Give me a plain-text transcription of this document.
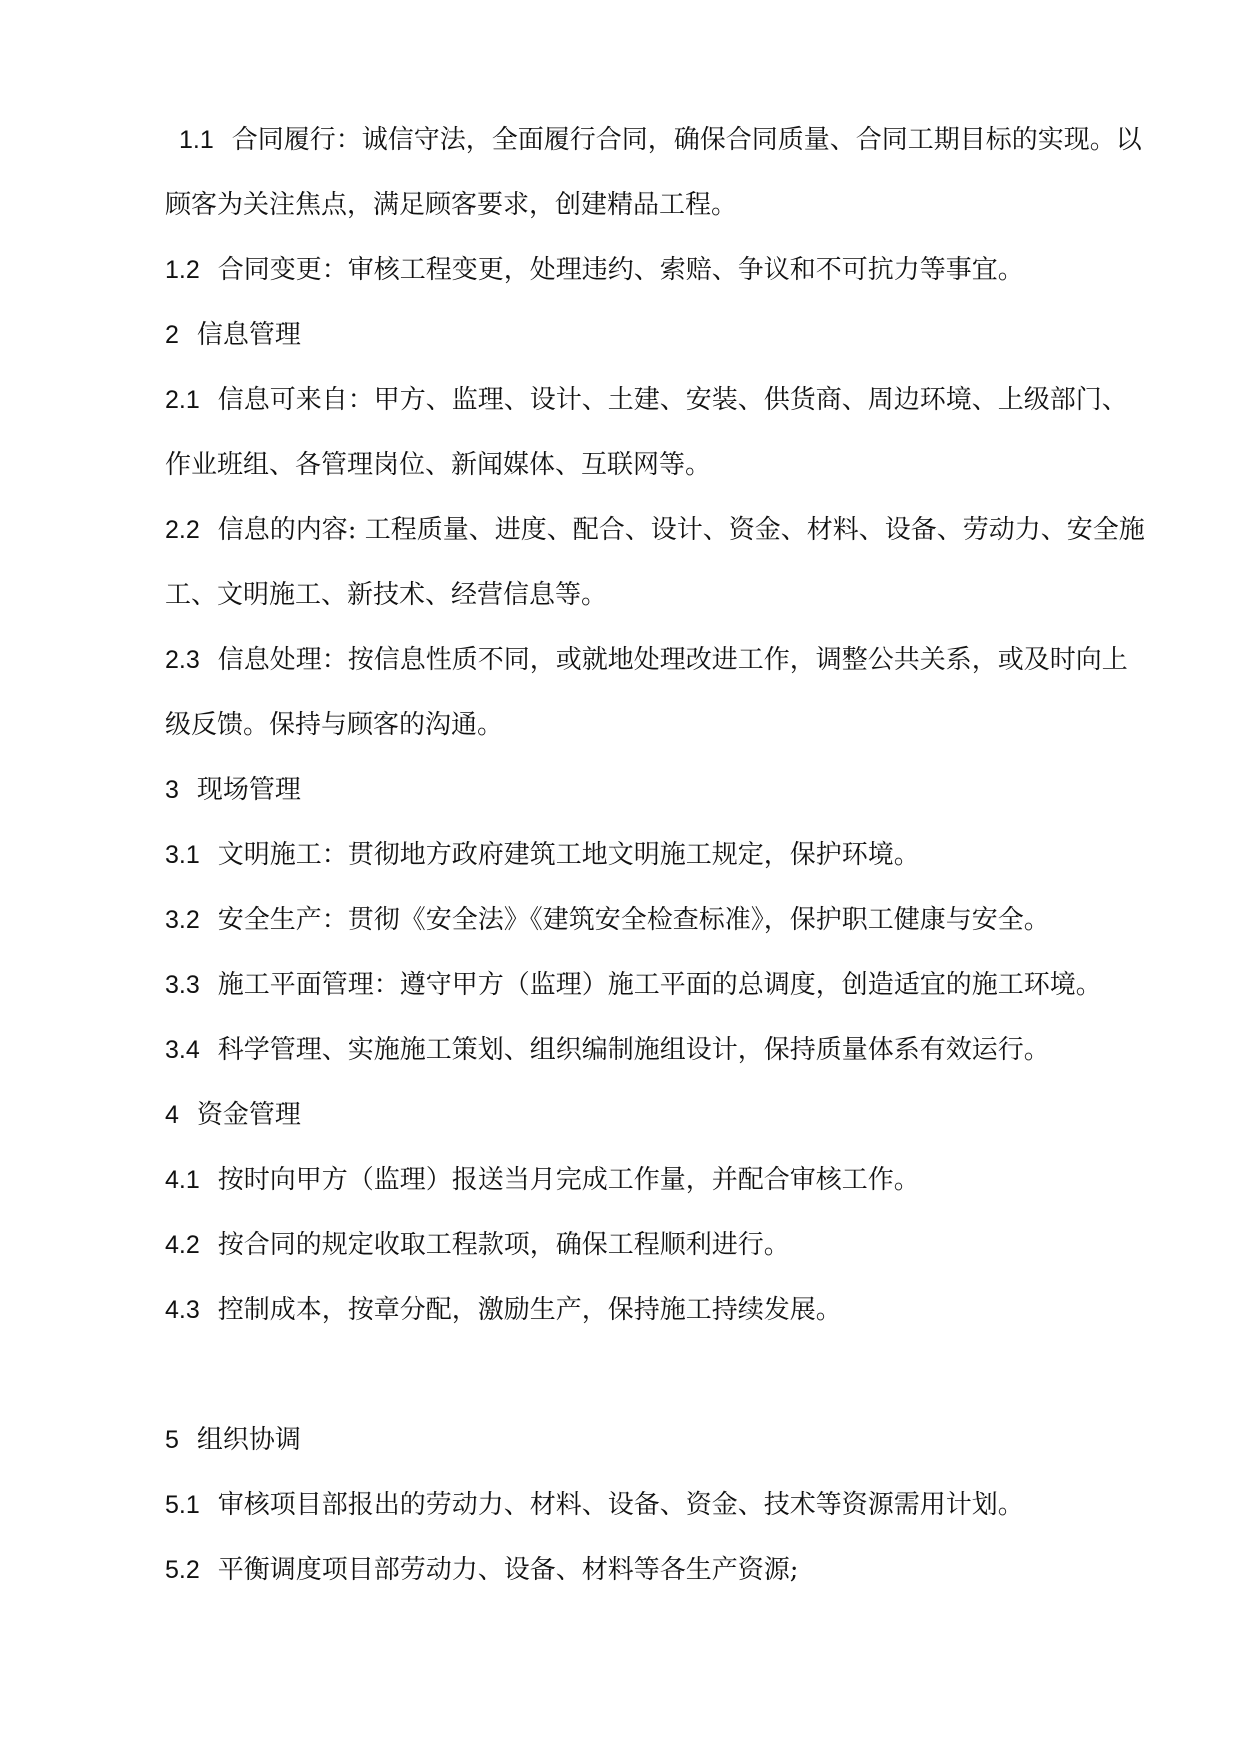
1.1 合同履行：诚信守法，全面履行合同，确保合同质量、合同工期目标的实现。以顾客为关注焦点，满足顾客要求，创建精品工程。

1.2 合同变更：审核工程变更，处理违约、索赔、争议和不可抗力等事宜。

2 信息管理

2.1 信息可来自：甲方、监理、设计、土建、安装、供货商、周边环境、上级部门、作业班组、各管理岗位、新闻媒体、互联网等。

2.2 信息的内容: 工程质量、进度、配合、设计、资金、材料、设备、劳动力、安全施工、文明施工、新技术、经营信息等。

2.3 信息处理：按信息性质不同，或就地处理改进工作，调整公共关系，或及时向上级反馈。保持与顾客的沟通。

3 现场管理

3.1 文明施工：贯彻地方政府建筑工地文明施工规定，保护环境。

3.2 安全生产：贯彻《安全法》《建筑安全检查标准》，保护职工健康与安全。

3.3 施工平面管理：遵守甲方（监理）施工平面的总调度，创造适宜的施工环境。

3.4 科学管理、实施施工策划、组织编制施组设计，保持质量体系有效运行。

4 资金管理

4.1 按时向甲方（监理）报送当月完成工作量，并配合审核工作。

4.2 按合同的规定收取工程款项，确保工程顺利进行。

4.3 控制成本，按章分配，激励生产，保持施工持续发展。

5 组织协调

5.1 审核项目部报出的劳动力、材料、设备、资金、技术等资源需用计划。

5.2 平衡调度项目部劳动力、设备、材料等各生产资源;
